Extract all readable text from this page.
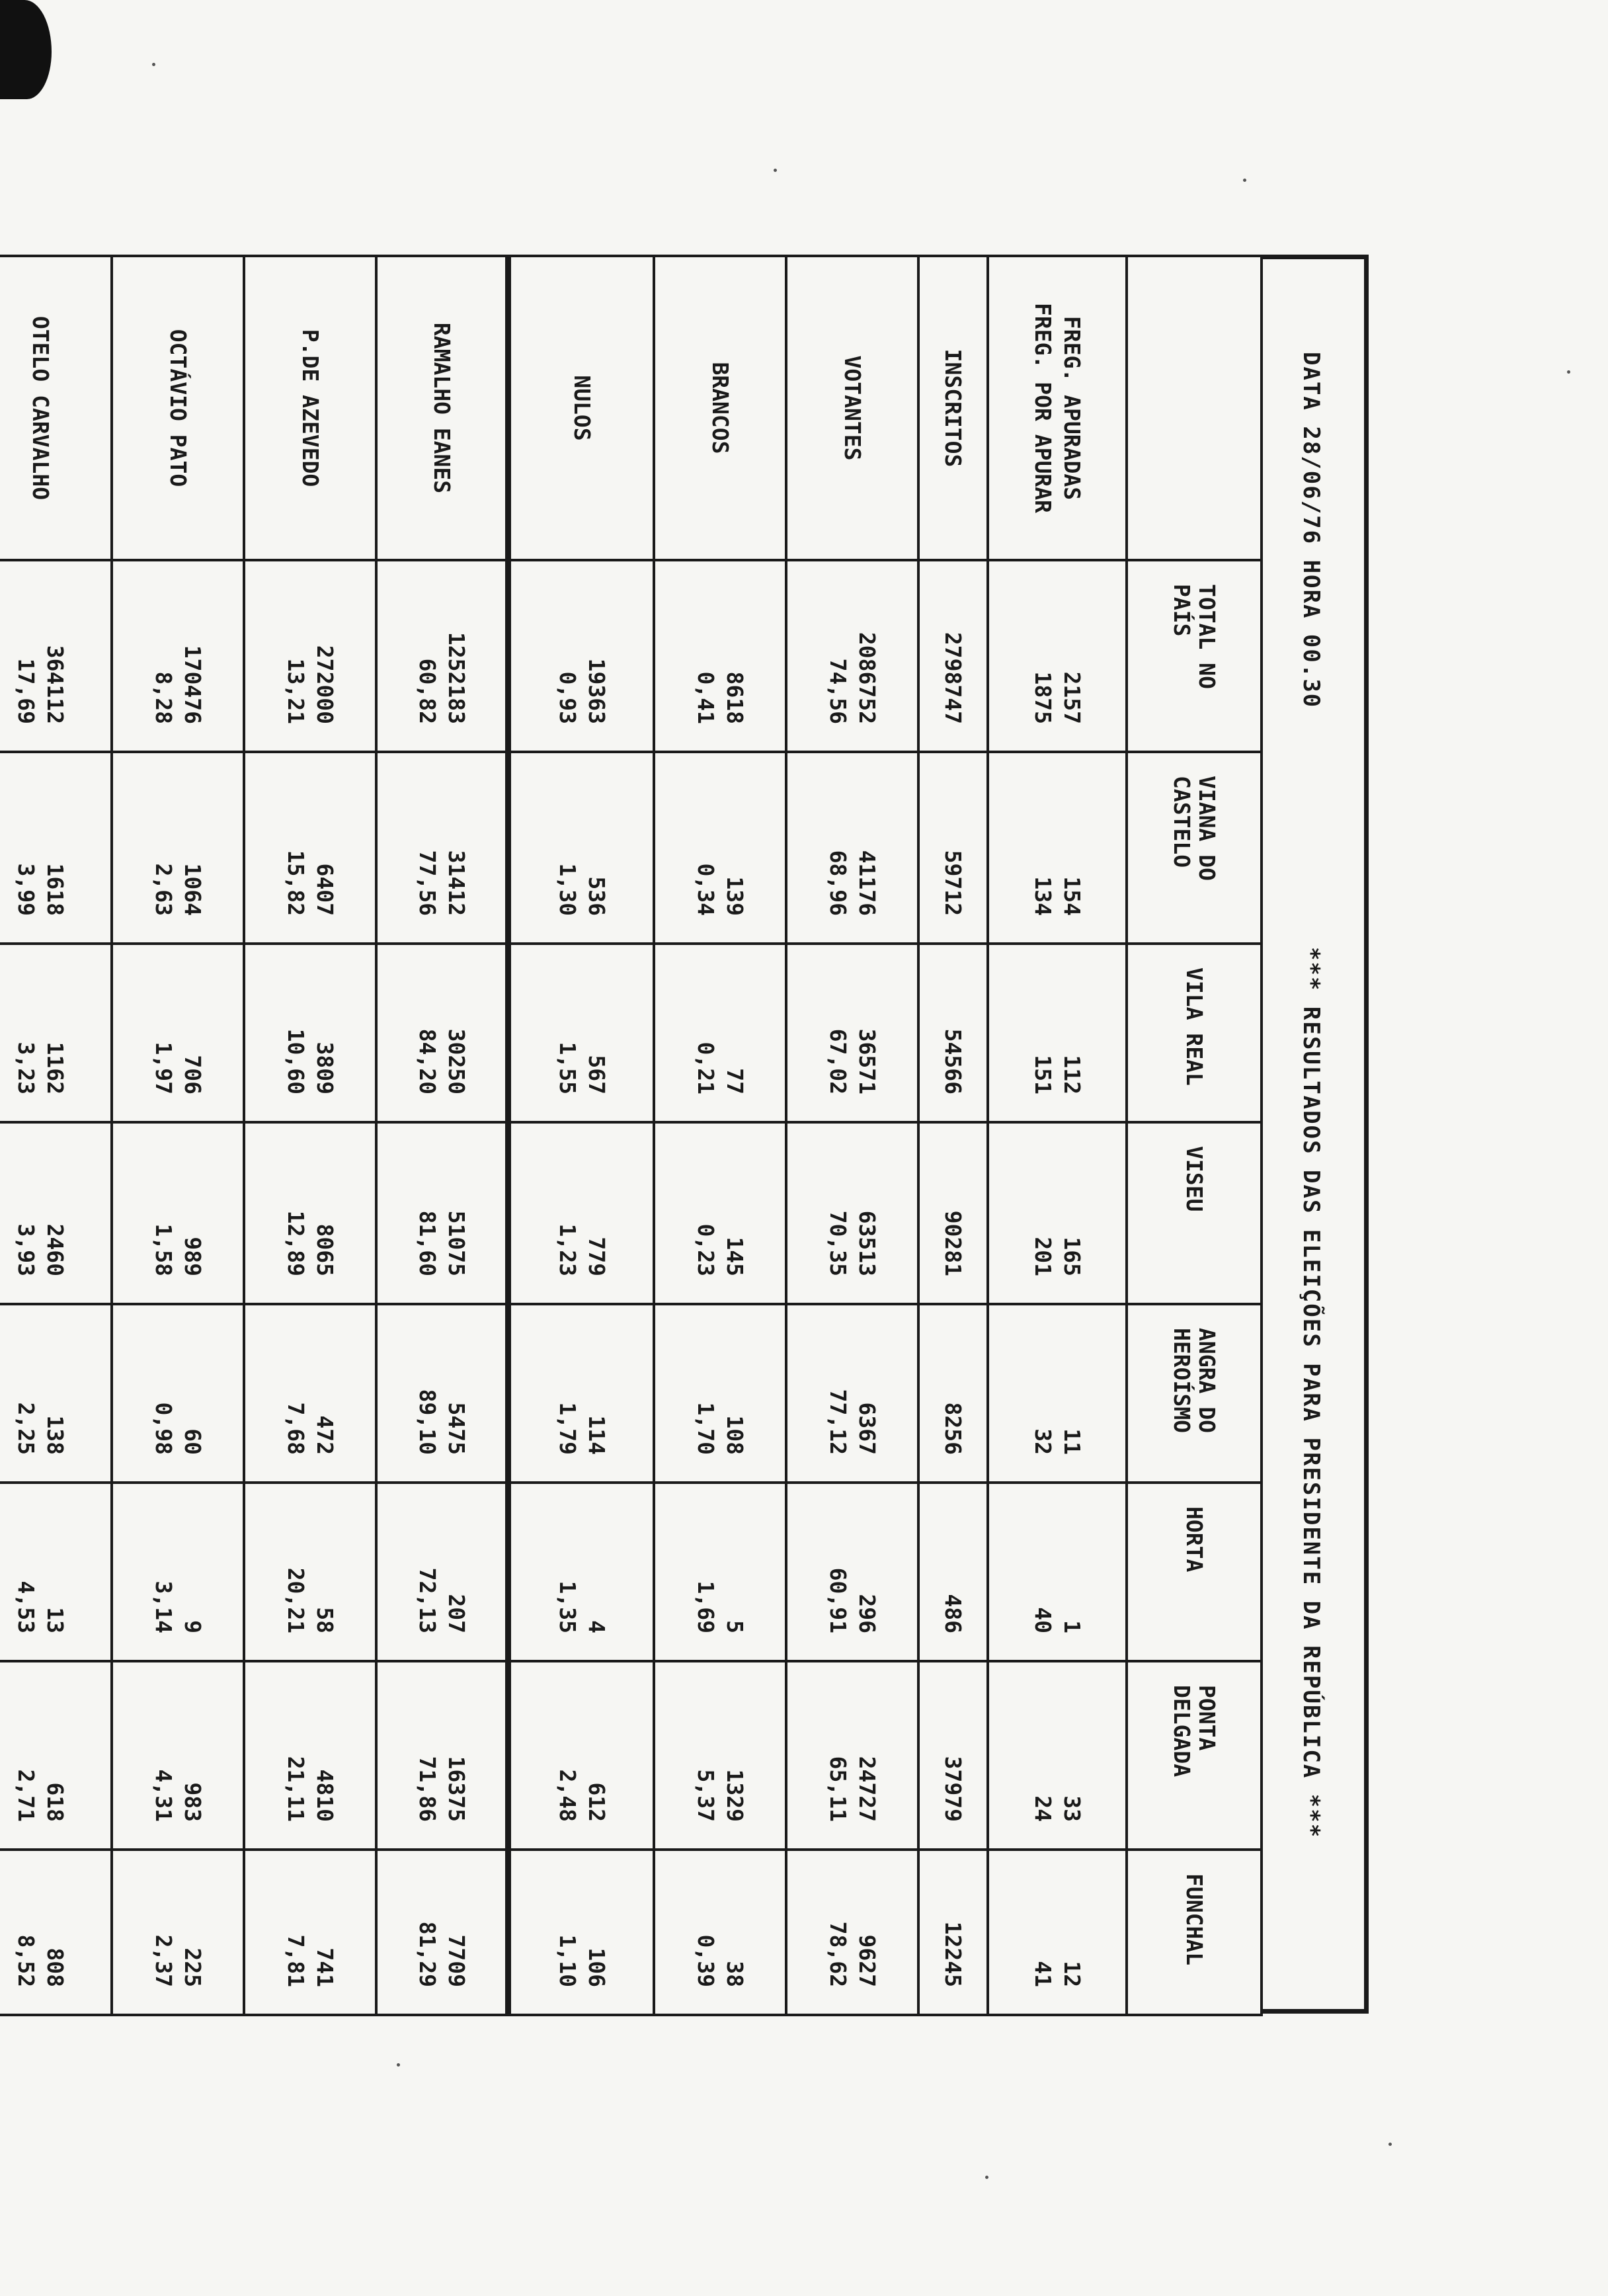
DATA 28/06/76 HORA 00.30
*** RESULTADOS DAS ELEIÇÕES PARA PRESIDENTE DA REPÚBLICA ***

	TOTAL NO
PAÍS	VIANA DO
CASTELO	VILA REAL	VISEU	ANGRA DO
HEROÍSMO	HORTA	PONTA
DELGADA	FUNCHAL

FREG. APURADAS
FREG. POR APURAR	2157
1875	154
134	112
151	165
201	11
32	1
40	33
24	12
41

INSCRITOS	2798747	59712	54566	90281	8256	486	37979	12245

VOTANTES	2086752
74,56	41176
68,96	36571
67,02	63513
70,35	6367
77,12	296
60,91	24727
65,11	9627
78,62

BRANCOS	8618
0,41	139
0,34	77
0,21	145
0,23	108
1,70	5
1,69	1329
5,37	38
0,39

NULOS	19363
0,93	536
1,30	567
1,55	779
1,23	114
1,79	4
1,35	612
2,48	106
1,10

RAMALHO EANES	1252183
60,82	31412
77,56	30250
84,20	51075
81,60	5475
89,10	207
72,13	16375
71,86	7709
81,29

P.DE AZEVEDO	272000
13,21	6407
15,82	3809
10,60	8065
12,89	472
7,68	58
20,21	4810
21,11	741
7,81

OCTÁVIO PATO	170476
8,28	1064
2,63	706
1,97	989
1,58	60
0,98	9
3,14	983
4,31	225
2,37

OTELO CARVALHO	364112
17,69	1618
3,99	1162
3,23	2460
3,93	138
2,25	13
4,53	618
2,71	808
8,52
